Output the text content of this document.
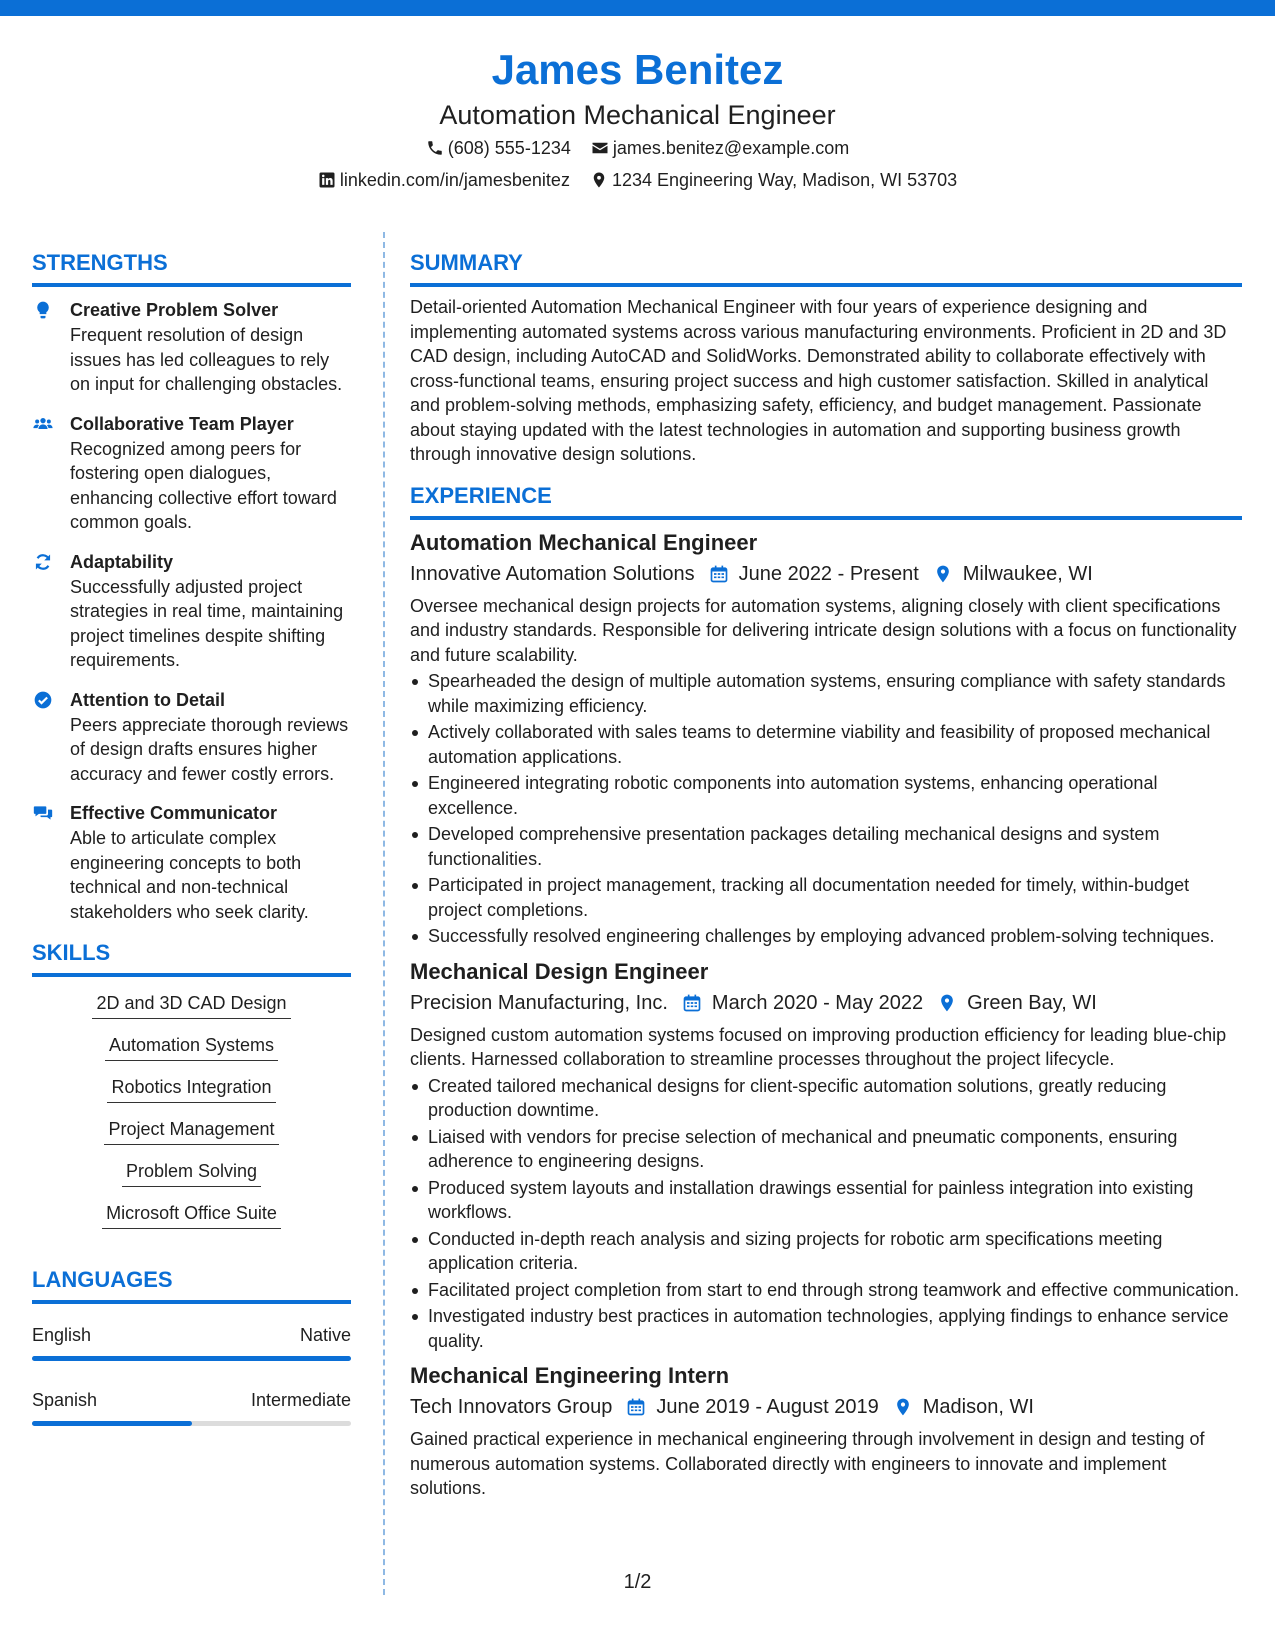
James Benitez
Automation Mechanical Engineer
(608) 555-1234 james.benitez@example.com
linkedin.com/in/jamesbenitez 1234 Engineering Way, Madison, WI 53703
STRENGTHS
Creative Problem Solver
Frequent resolution of design issues has led colleagues to rely on input for challenging obstacles.
Collaborative Team Player
Recognized among peers for fostering open dialogues, enhancing collective effort toward common goals.
Adaptability
Successfully adjusted project strategies in real time, maintaining project timelines despite shifting requirements.
Attention to Detail
Peers appreciate thorough reviews of design drafts ensures higher accuracy and fewer costly errors.
Effective Communicator
Able to articulate complex engineering concepts to both technical and non-technical stakeholders who seek clarity.
SKILLS
2D and 3D CAD Design
Automation Systems
Robotics Integration
Project Management
Problem Solving
Microsoft Office Suite
LANGUAGES
English	Native
Spanish	Intermediate
SUMMARY

Detail-oriented Automation Mechanical Engineer with four years of experience designing and implementing automated systems across various manufacturing environments. Proficient in 2D and 3D CAD design, including AutoCAD and SolidWorks. Demonstrated ability to collaborate effectively with cross-functional teams, ensuring project success and high customer satisfaction. Skilled in analytical and problem-solving methods, emphasizing safety, efficiency, and budget management. Passionate about staying updated with the latest technologies in automation and supporting business growth through innovative design solutions.

EXPERIENCE
Automation Mechanical Engineer
Innovative Automation Solutions June 2022 - Present Milwaukee, WI

Oversee mechanical design projects for automation systems, aligning closely with client specifications and industry standards. Responsible for delivering intricate design solutions with a focus on functionality and future scalability.

Spearheaded the design of multiple automation systems, ensuring compliance with safety standards while maximizing efficiency.
Actively collaborated with sales teams to determine viability and feasibility of proposed mechanical automation applications.
Engineered integrating robotic components into automation systems, enhancing operational excellence.
Developed comprehensive presentation packages detailing mechanical designs and system functionalities.
Participated in project management, tracking all documentation needed for timely, within-budget project completions.
Successfully resolved engineering challenges by employing advanced problem-solving techniques.
Mechanical Design Engineer
Precision Manufacturing, Inc. March 2020 - May 2022 Green Bay, WI

Designed custom automation systems focused on improving production efficiency for leading blue-chip clients. Harnessed collaboration to streamline processes throughout the project lifecycle.

Created tailored mechanical designs for client-specific automation solutions, greatly reducing production downtime.
Liaised with vendors for precise selection of mechanical and pneumatic components, ensuring adherence to engineering designs.
Produced system layouts and installation drawings essential for painless integration into existing workflows.
Conducted in-depth reach analysis and sizing projects for robotic arm specifications meeting application criteria.
Facilitated project completion from start to end through strong teamwork and effective communication.
Investigated industry best practices in automation technologies, applying findings to enhance service quality.
Mechanical Engineering Intern
Tech Innovators Group June 2019 - August 2019 Madison, WI

Gained practical experience in mechanical engineering through involvement in design and testing of numerous automation systems. Collaborated directly with engineers to innovate and implement solutions.

1/2
